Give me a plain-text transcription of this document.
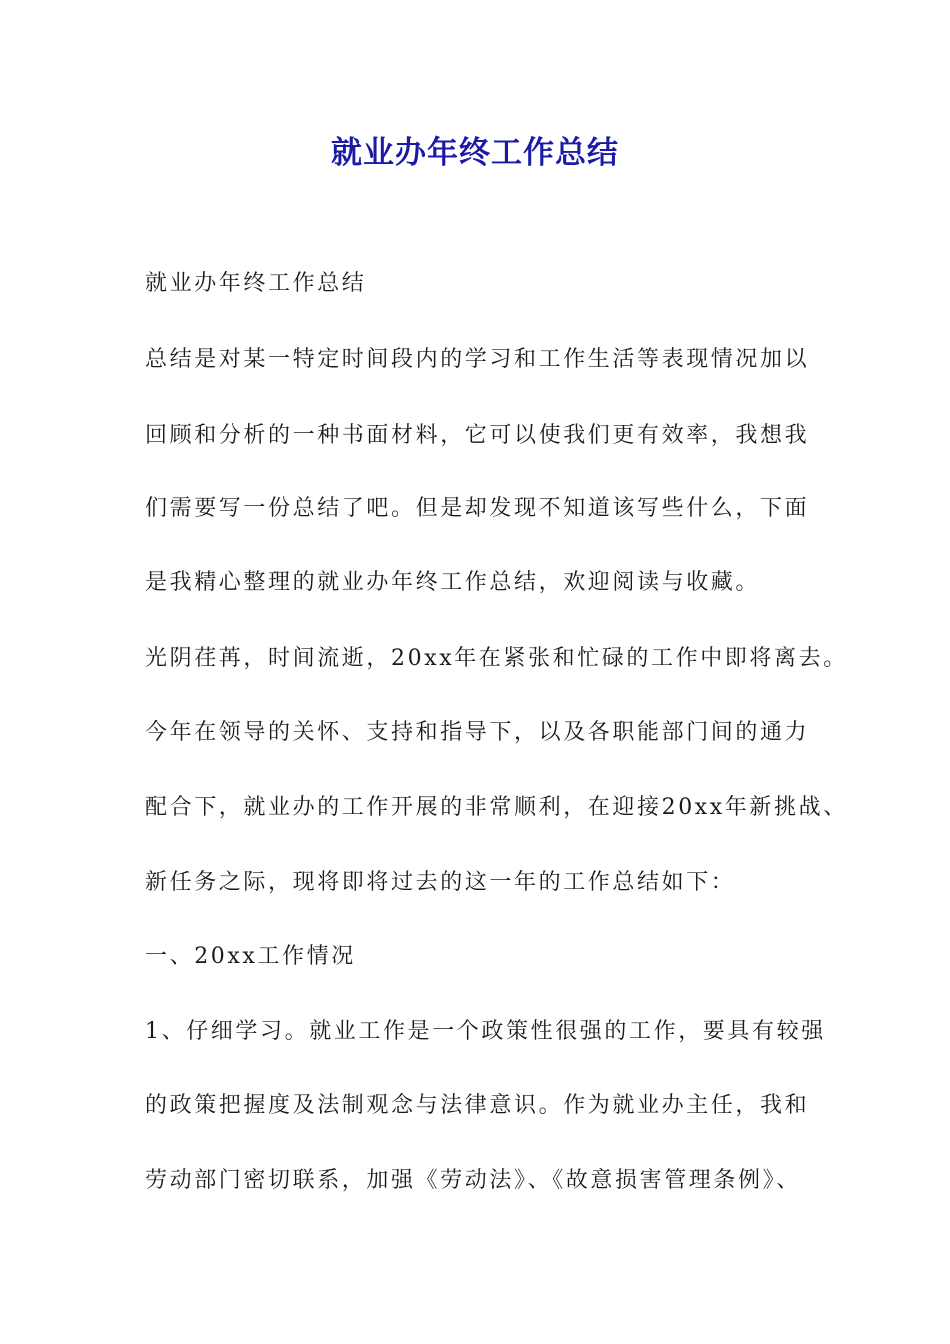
就业办年终工作总结
就业办年终工作总结
总结是对某一特定时间段内的学习和工作生活等表现情况加以
回顾和分析的一种书面材料，它可以使我们更有效率，我想我
们需要写一份总结了吧。但是却发现不知道该写些什么，下面
是我精心整理的就业办年终工作总结，欢迎阅读与收藏。
光阴荏苒，时间流逝，20xx年在紧张和忙碌的工作中即将离去。
今年在领导的关怀、支持和指导下，以及各职能部门间的通力
配合下，就业办的工作开展的非常顺利，在迎接20xx年新挑战、
新任务之际，现将即将过去的这一年的工作总结如下：
一、20xx工作情况
1、仔细学习。就业工作是一个政策性很强的工作，要具有较强
的政策把握度及法制观念与法律意识。作为就业办主任，我和
劳动部门密切联系，加强《劳动法》、《故意损害管理条例》、
